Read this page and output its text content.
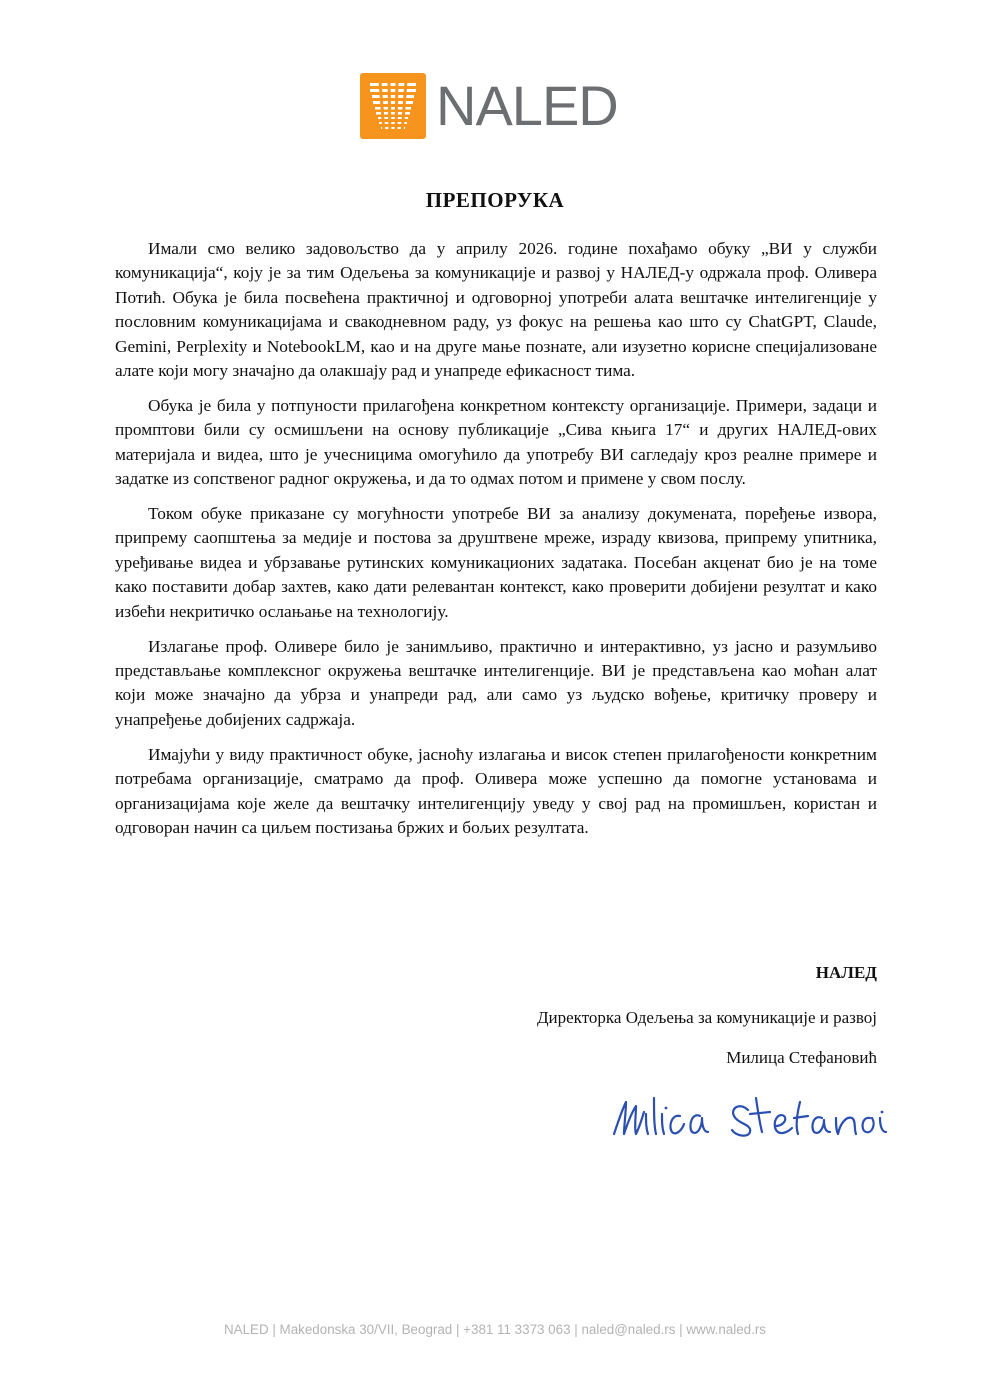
NALED
ПРЕПОРУКА

Имали смо велико задовољство да у априлу 2026. године похађамо обуку „ВИ у служби комуникација“, коју је за тим Одељења за комуникације и развој у НАЛЕД-у одржала проф. Оливера Потић. Обука је била посвећена практичној и одговорној употреби алата вештачке интелигенције у пословним комуникацијама и свакодневном раду, уз фокус на решења као што су ChatGPT, Claude, Gemini, Perplexity и NotebookLM, као и на друге мање познате, али изузетно корисне специјализоване алате који могу значајно да олакшају рад и унапреде ефикасност тима.

Обука је била у потпуности прилагођена конкретном контексту организације. Примери, задаци и промптови били су осмишљени на основу публикације „Сива књига 17“ и других НАЛЕД-ових материјала и видеа, што је учесницима омогућило да употребу ВИ сагледају кроз реалне примере и задатке из сопственог радног окружења, и да то одмах потом и примене у свом послу.

Током обуке приказане су могућности употребе ВИ за анализу докумената, поређење извора, припрему саопштења за медије и постова за друштвене мреже, израду квизова, припрему упитника, уређивање видеа и убрзавање рутинских комуникационих задатака. Посебан акценат био је на томе како поставити добар захтев, како дати релевантан контекст, како проверити добијени резултат и како избећи некритичко ослањање на технологију.

Излагање проф. Оливере било је занимљиво, практично и интерактивно, уз јасно и разумљиво представљање комплексног окружења вештачке интелигенције. ВИ је представљена као моћан алат који може значајно да убрза и унапреди рад, али само уз људско вођење, критичку проверу и унапређење добијених садржаја.

Имајући у виду практичност обуке, јасноћу излагања и висок степен прилагођености конкретним потребама организације, сматрамо да проф. Оливера може успешно да помогне установама и организацијама које желе да вештачку интелигенцију уведу у свој рад на промишљен, користан и одговоран начин са циљем постизања бржих и бољих резултата.

НАЛЕД
Директорка Одељења за комуникације и развој
Милица Стефановић
NALED | Makedonska 30/VII, Beograd | +381 11 3373 063 | naled@naled.rs | www.naled.rs
